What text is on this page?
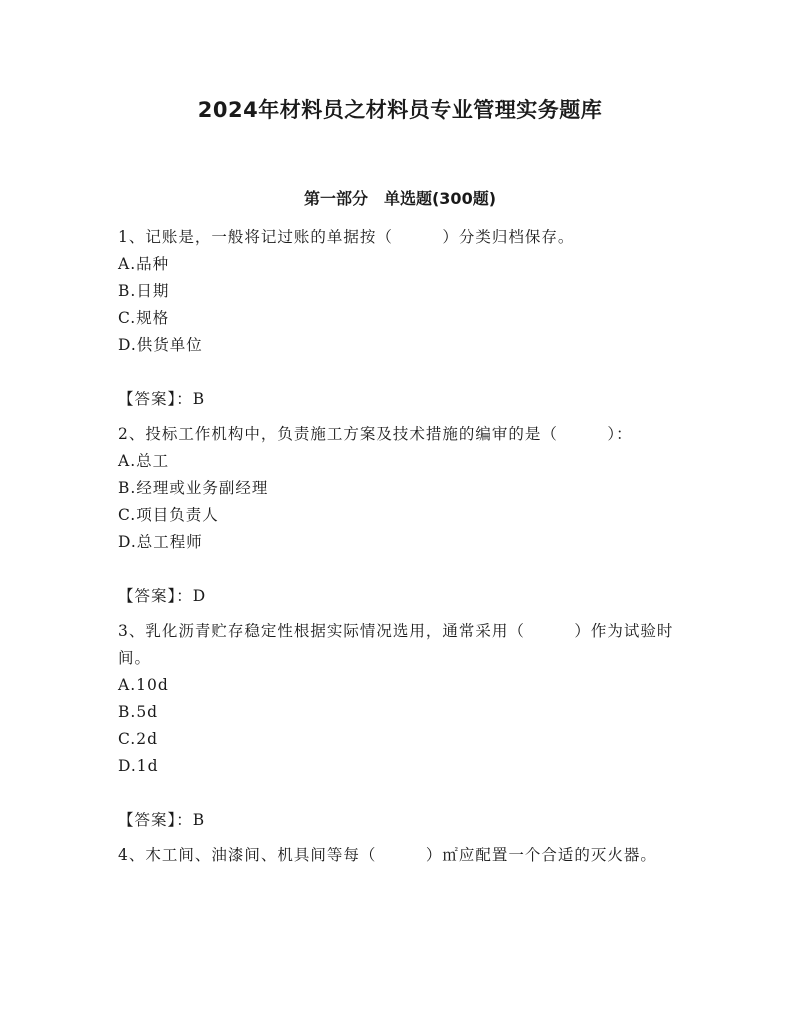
2024年材料员之材料员专业管理实务题库
第一部分　单选题(300题)

1、记账是，一般将记过账的单据按（　　　）分类归档保存。

A.品种

B.日期

C.规格

D.供货单位

【答案】：B

2、投标工作机构中，负责施工方案及技术措施的编审的是（　　　）：

A.总工

B.经理或业务副经理

C.项目负责人

D.总工程师

【答案】：D

3、乳化沥青贮存稳定性根据实际情况选用，通常采用（　　　）作为试验时间。

A.10d

B.5d

C.2d

D.1d

【答案】：B

4、木工间、油漆间、机具间等每（　　　）㎡应配置一个合适的灭火器。
